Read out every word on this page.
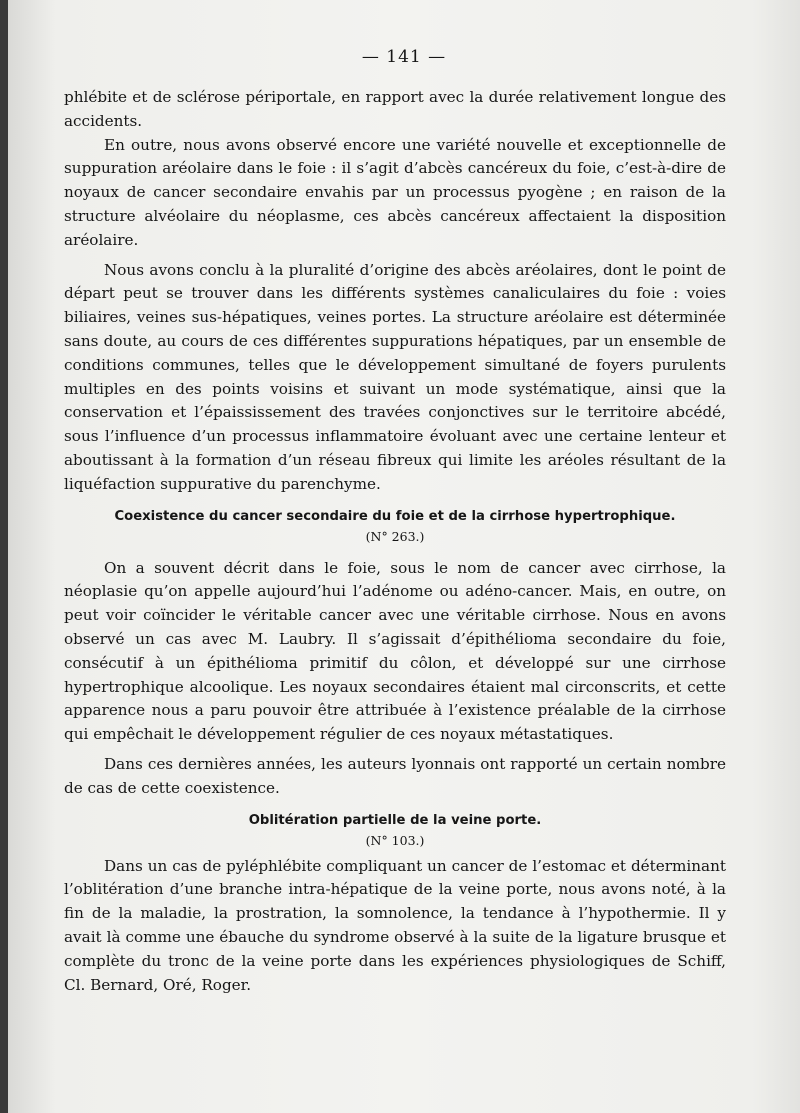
— 141 —

phlébite et de sclérose périportale, en rapport avec la durée relativement longue des accidents.

En outre, nous avons observé encore une variété nouvelle et exceptionnelle de suppuration aréolaire dans le foie : il s’agit d’abcès cancéreux du foie, c’est-à-dire de noyaux de cancer secondaire envahis par un processus pyogène ; en raison de la structure alvéolaire du néoplasme, ces abcès cancéreux affectaient la disposition aréolaire.

Nous avons conclu à la pluralité d’origine des abcès aréolaires, dont le point de départ peut se trouver dans les différents systèmes canaliculaires du foie : voies biliaires, veines sus-hépatiques, veines portes. La structure aréolaire est déterminée sans doute, au cours de ces différentes suppurations hépatiques, par un ensemble de conditions communes, telles que le développement simultané de foyers purulents multiples en des points voisins et suivant un mode systématique, ainsi que la conservation et l’épaississement des travées conjonctives sur le territoire abcédé, sous l’influence d’un processus inflammatoire évoluant avec une certaine lenteur et aboutissant à la formation d’un réseau fibreux qui limite les aréoles résultant de la liquéfaction suppurative du parenchyme.

Coexistence du cancer secondaire du foie et de la cirrhose hypertrophique.
(N° 263.)

On a souvent décrit dans le foie, sous le nom de cancer avec cirrhose, la néoplasie qu’on appelle aujourd’hui l’adénome ou adéno-cancer. Mais, en outre, on peut voir coïncider le véritable cancer avec une véritable cirrhose. Nous en avons observé un cas avec M. Laubry. Il s’agissait d’épithélioma secondaire du foie, consécutif à un épithélioma primitif du côlon, et développé sur une cirrhose hypertrophique alcoolique. Les noyaux secondaires étaient mal circonscrits, et cette apparence nous a paru pouvoir être attribuée à l’existence préalable de la cirrhose qui empêchait le développement régulier de ces noyaux métastatiques.

Dans ces dernières années, les auteurs lyonnais ont rapporté un certain nombre de cas de cette coexistence.

Oblitération partielle de la veine porte.
(N° 103.)

Dans un cas de pyléphlébite compliquant un cancer de l’estomac et déterminant l’oblitération d’une branche intra-hépatique de la veine porte, nous avons noté, à la fin de la maladie, la prostration, la somnolence, la tendance à l’hypothermie. Il y avait là comme une ébauche du syndrome observé à la suite de la ligature brusque et complète du tronc de la veine porte dans les expériences physiologiques de Schiff, Cl. Bernard, Oré, Roger.
